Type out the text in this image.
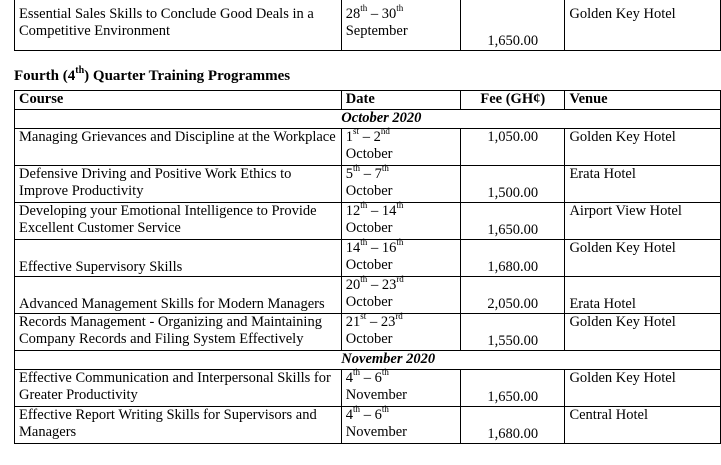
Essential Sales Skills to Conclude Good Deals in a Competitive Environment	28th – 30th
September	1,650.00	Golden Key Hotel
Fourth (4th) Quarter Training Programmes
Course	Date	Fee (GH¢)	Venue
	October 2020		
Managing Grievances and Discipline at the Workplace	1st – 2nd
October	1,050.00	Golden Key Hotel
Defensive Driving and Positive Work Ethics to Improve Productivity	5th – 7th
October	1,500.00	Erata Hotel
Developing your Emotional Intelligence to Provide Excellent Customer Service	12th – 14th
October	1,650.00	Airport View Hotel
Effective Supervisory Skills	14th – 16th
October	1,680.00	Golden Key Hotel
Advanced Management Skills for Modern Managers	20th – 23rd
October	2,050.00	Erata Hotel
Records Management - Organizing and Maintaining Company Records and Filing System Effectively	21st – 23rd
October	1,550.00	Golden Key Hotel
	November 2020		
Effective Communication and Interpersonal Skills for Greater Productivity	4th – 6th
November	1,650.00	Golden Key Hotel
Effective Report Writing Skills for Supervisors and Managers	4th – 6th
November	1,680.00	Central Hotel
